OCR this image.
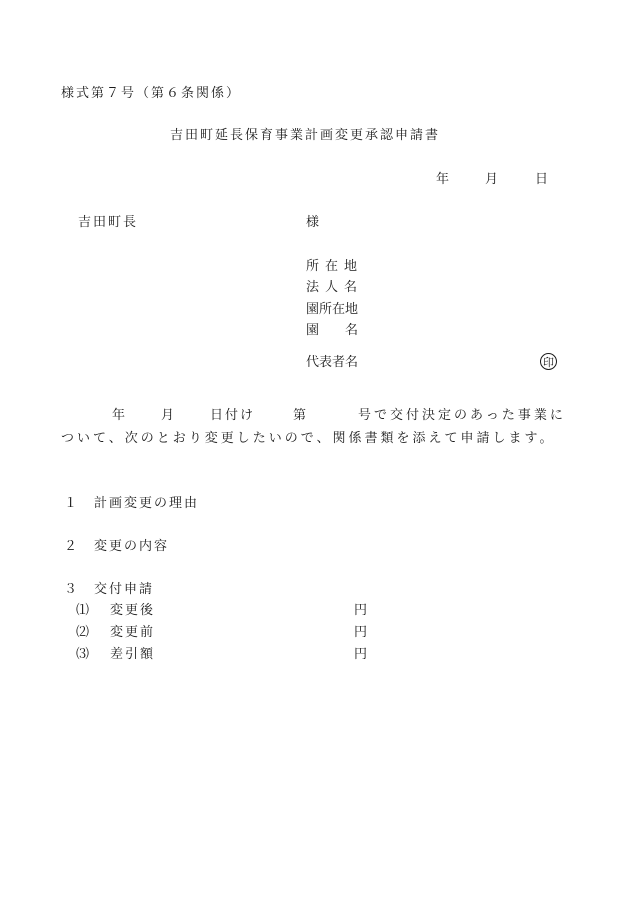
様式第７号（第６条関係）
吉田町延長保育事業計画変更承認申請書
年	月	日
吉田町長	様
所在地
法人名
園所在地
園名
代表者名	印
年	月	日付け	第	号で交付決定のあった事業に
ついて、次のとおり変更したいので、関係書類を添えて申請します。
１ 計画変更の理由
２ 変更の内容
３ 交付申請
⑴ 変更後	円
⑵ 変更前	円
⑶ 差引額	円
